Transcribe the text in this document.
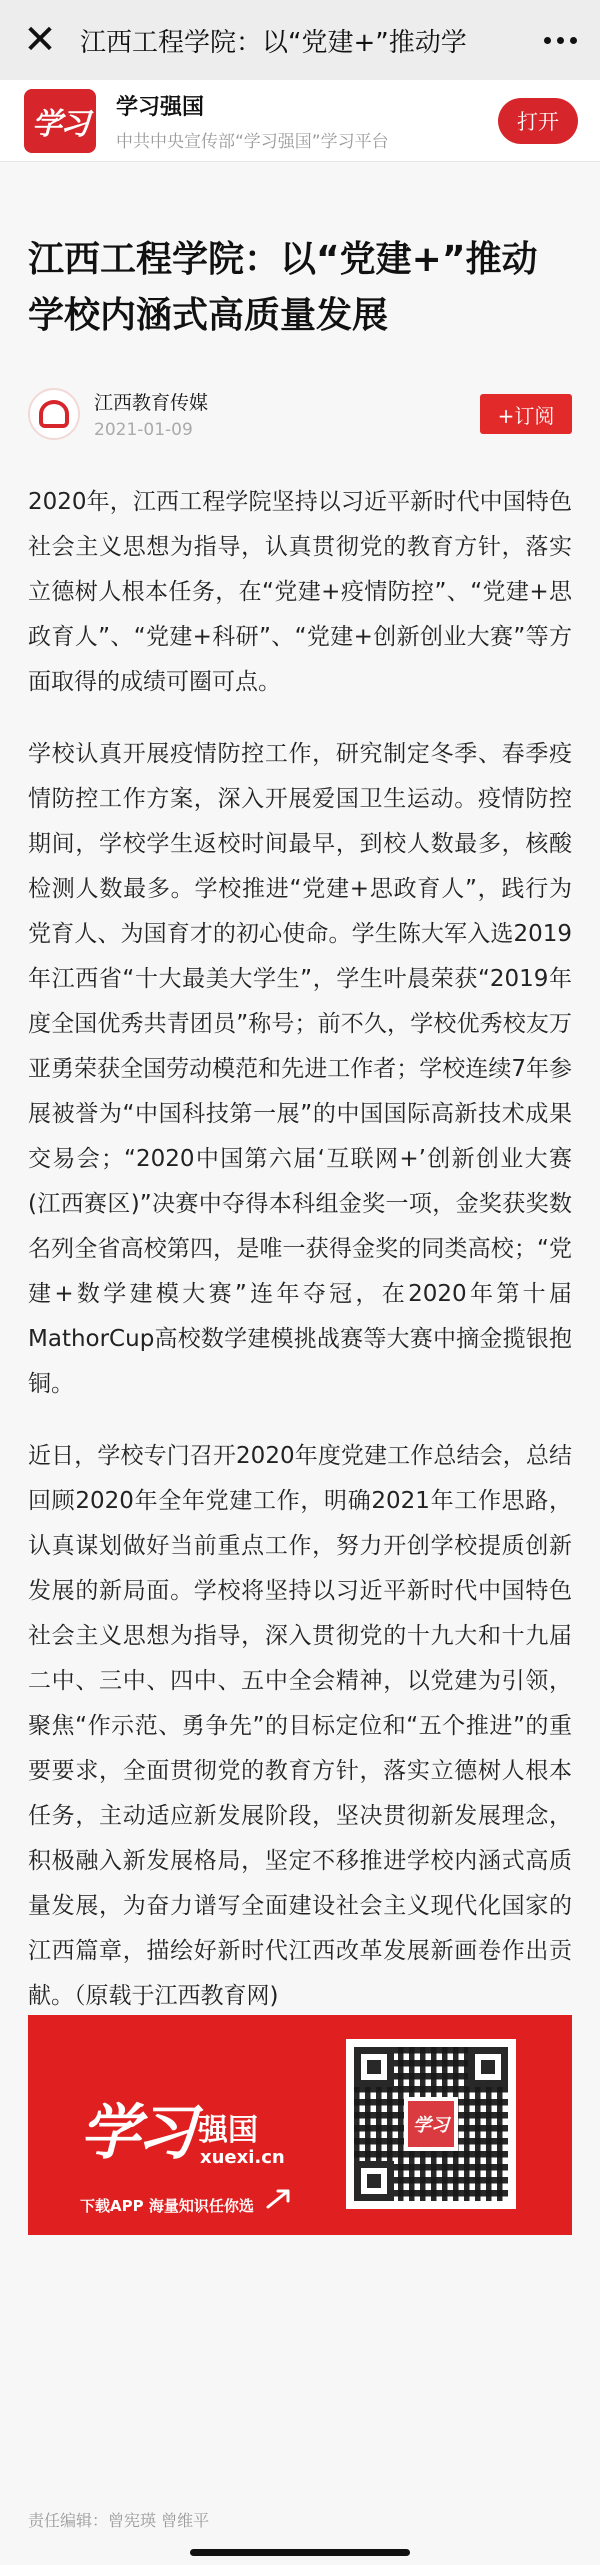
✕ 江西工程学院：以“党建+”推动学
学习 学习强国
中共中央宣传部“学习强国”学习平台
打开
江西工程学院：以“党建+”推动学校内涵式高质量发展
江西教育传媒
2021-01-09
+订阅

2020年，江西工程学院坚持以习近平新时代中国特色社会主义思想为指导，认真贯彻党的教育方针，落实立德树人根本任务，在“党建+疫情防控”、“党建+思政育人”、“党建+科研”、“党建+创新创业大赛”等方面取得的成绩可圈可点。

学校认真开展疫情防控工作，研究制定冬季、春季疫情防控工作方案，深入开展爱国卫生运动。疫情防控期间，学校学生返校时间最早，到校人数最多，核酸检测人数最多。学校推进“党建+思政育人”，践行为党育人、为国育才的初心使命。学生陈大军入选2019年江西省“十大最美大学生”，学生叶晨荣获“2019年度全国优秀共青团员”称号；前不久，学校优秀校友万亚勇荣获全国劳动模范和先进工作者；学校连续7年参展被誉为“中国科技第一展”的中国国际高新技术成果交易会；“2020中国第六届‘互联网+’创新创业大赛(江西赛区)”决赛中夺得本科组金奖一项，金奖获奖数名列全省高校第四，是唯一获得金奖的同类高校；“党建+数学建模大赛”连年夺冠，在2020年第十届MathorCup高校数学建模挑战赛等大赛中摘金揽银抱铜。

近日，学校专门召开2020年度党建工作总结会，总结回顾2020年全年党建工作，明确2021年工作思路，认真谋划做好当前重点工作，努力开创学校提质创新发展的新局面。学校将坚持以习近平新时代中国特色社会主义思想为指导，深入贯彻党的十九大和十九届二中、三中、四中、五中全会精神，以党建为引领，聚焦“作示范、勇争先”的目标定位和“五个推进”的重要要求，全面贯彻党的教育方针，落实立德树人根本任务，主动适应新发展阶段，坚决贯彻新发展理念，积极融入新发展格局，坚定不移推进学校内涵式高质量发展，为奋力谱写全面建设社会主义现代化国家的江西篇章，描绘好新时代江西改革发展新画卷作出贡献。（原载于江西教育网)

学习 强国
xuexi.cn
下载APP 海量知识任你选
学习
责任编辑：曾宪瑛 曾维平
